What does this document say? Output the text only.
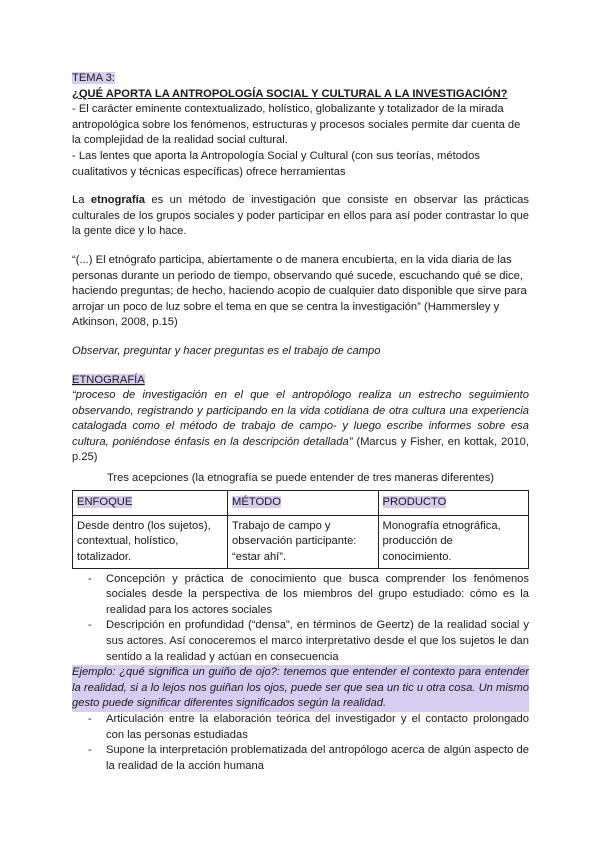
TEMA 3:

¿QUÉ APORTA LA ANTROPOLOGÍA SOCIAL Y CULTURAL A LA INVESTIGACIÓN?

- El carácter eminente contextualizado, holístico, globalizante y totalizador de la mirada antropológica sobre los fenómenos, estructuras y procesos sociales permite dar cuenta de la complejidad de la realidad social cultural.

- Las lentes que aporta la Antropología Social y Cultural (con sus teorías, métodos cualitativos y técnicas específicas) ofrece herramientas

La etnografía es un método de investigación que consiste en observar las prácticas culturales de los grupos sociales y poder participar en ellos para así poder contrastar lo que la gente dice y lo hace.

“(...) El etnógrafo participa, abiertamente o de manera encubierta, en la vida diaria de las personas durante un periodo de tiempo, observando qué sucede, escuchando qué se dice, haciendo preguntas; de hecho, haciendo acopio de cualquier dato disponible que sirve para arrojar un poco de luz sobre el tema en que se centra la investigación” (Hammersley y Atkinson, 2008, p.15)

Observar, preguntar y hacer preguntas es el trabajo de campo

ETNOGRAFÍA

“proceso de investigación en el que el antropólogo realiza un estrecho seguimiento observando, registrando y participando en la vida cotidiana de otra cultura una experiencia catalogada como el método de trabajo de campo- y luego escribe informes sobre esa cultura, poniéndose énfasis en la descripción detallada” (Marcus y Fisher, en kottak, 2010, p.25)

Tres acepciones (la etnografía se puede entender de tres maneras diferentes)

ENFOQUE	MÉTODO	PRODUCTO
Desde dentro (los sujetos), contextual, holístico, totalizador.	Trabajo de campo y observación participante: “estar ahí”.	Monografía etnográfica, producción de conocimiento.
- Concepción y práctica de conocimiento que busca comprender los fenómenos sociales desde la perspectiva de los miembros del grupo estudiado: cómo es la realidad para los actores sociales
- Descripción en profundidad (“densa”, en términos de Geertz) de la realidad social y sus actores. Así conoceremos el marco interpretativo desde el que los sujetos le dan sentido a la realidad y actúan en consecuencia

Ejemplo: ¿qué significa un guiño de ojo?: tenemos que entender el contexto para entender la realidad, si a lo lejos nos guiñan los ojos, puede ser que sea un tic u otra cosa. Un mismo gesto puede significar diferentes significados según la realidad.

- Articulación entre la elaboración teórica del investigador y el contacto prolongado con las personas estudiadas
- Supone la interpretación problematizada del antropólogo acerca de algún aspecto de la realidad de la acción humana
